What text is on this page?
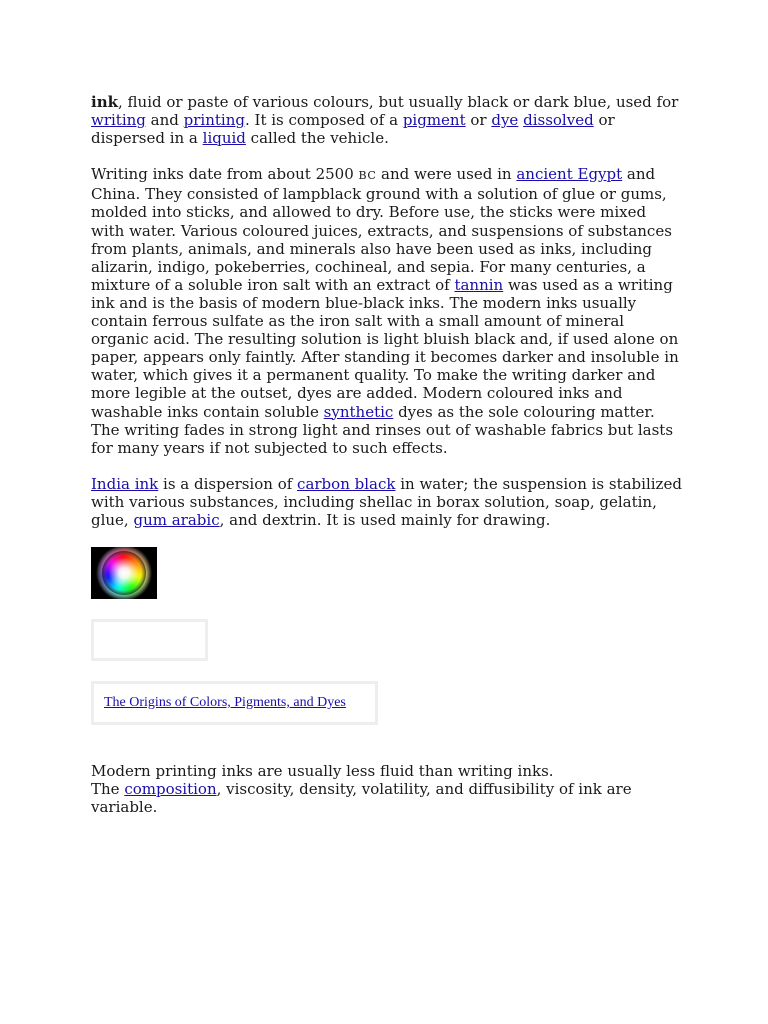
ink, fluid or paste of various colours, but usually black or dark blue, used for writing and printing. It is composed of a pigment or dye dissolved or dispersed in a liquid called the vehicle.

Writing inks date from about 2500 BC and were used in ancient Egypt and China. They consisted of lampblack ground with a solution of glue or gums, molded into sticks, and allowed to dry. Before use, the sticks were mixed with water. Various coloured juices, extracts, and suspensions of substances from plants, animals, and minerals also have been used as inks, including alizarin, indigo, pokeberries, cochineal, and sepia. For many centuries, a mixture of a soluble iron salt with an extract of tannin was used as a writing ink and is the basis of modern blue-black inks. The modern inks usually contain ferrous sulfate as the iron salt with a small amount of mineral organic acid. The resulting solution is light bluish black and, if used alone on paper, appears only faintly. After standing it becomes darker and insoluble in water, which gives it a permanent quality. To make the writing darker and more legible at the outset, dyes are added. Modern coloured inks and washable inks contain soluble synthetic dyes as the sole colouring matter. The writing fades in strong light and rinses out of washable fabrics but lasts for many years if not subjected to such effects.

India ink is a dispersion of carbon black in water; the suspension is stabilized with various substances, including shellac in borax solution, soap, gelatin, glue, gum arabic, and dextrin. It is used mainly for drawing.

The Origins of Colors, Pigments, and Dyes

Modern printing inks are usually less fluid than writing inks.
The composition, viscosity, density, volatility, and diffusibility of ink are variable.
